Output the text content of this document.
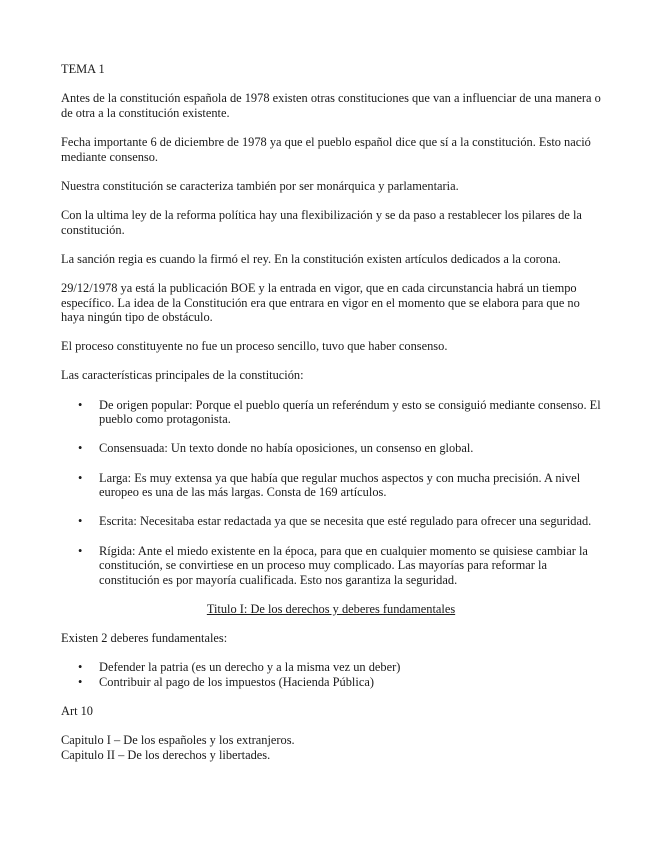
TEMA 1

Antes de la constitución española de 1978 existen otras constituciones que van a influenciar de una manera o de otra a la constitución existente.

Fecha importante 6 de diciembre de 1978 ya que el pueblo español dice que sí a la constitución. Esto nació mediante consenso.

Nuestra constitución se caracteriza también por ser monárquica y parlamentaria.

Con la ultima ley de la reforma política hay una flexibilización y se da paso a restablecer los pilares de la constitución.

La sanción regia es cuando la firmó el rey. En la constitución existen artículos dedicados a la corona.

29/12/1978 ya está la publicación BOE y la entrada en vigor, que en cada circunstancia habrá un tiempo específico. La idea de la Constitución era que entrara en vigor en el momento que se elabora para que no haya ningún tipo de obstáculo.

El proceso constituyente no fue un proceso sencillo, tuvo que haber consenso.

Las características principales de la constitución:

• De origen popular: Porque el pueblo quería un referéndum y esto se consiguió mediante consenso. El pueblo como protagonista.
• Consensuada: Un texto donde no había oposiciones, un consenso en global.
• Larga: Es muy extensa ya que había que regular muchos aspectos y con mucha precisión. A nivel europeo es una de las más largas. Consta de 169 artículos.
• Escrita: Necesitaba estar redactada ya que se necesita que esté regulado para ofrecer una seguridad.
• Rígida: Ante el miedo existente en la época, para que en cualquier momento se quisiese cambiar la constitución, se convirtiese en un proceso muy complicado. Las mayorías para reformar la constitución es por mayoría cualificada. Esto nos garantiza la seguridad.

Titulo I: De los derechos y deberes fundamentales

Existen 2 deberes fundamentales:

• Defender la patria (es un derecho y a la misma vez un deber)
• Contribuir al pago de los impuestos (Hacienda Pública)

Art 10

Capitulo I – De los españoles y los extranjeros.

Capitulo II – De los derechos y libertades.
